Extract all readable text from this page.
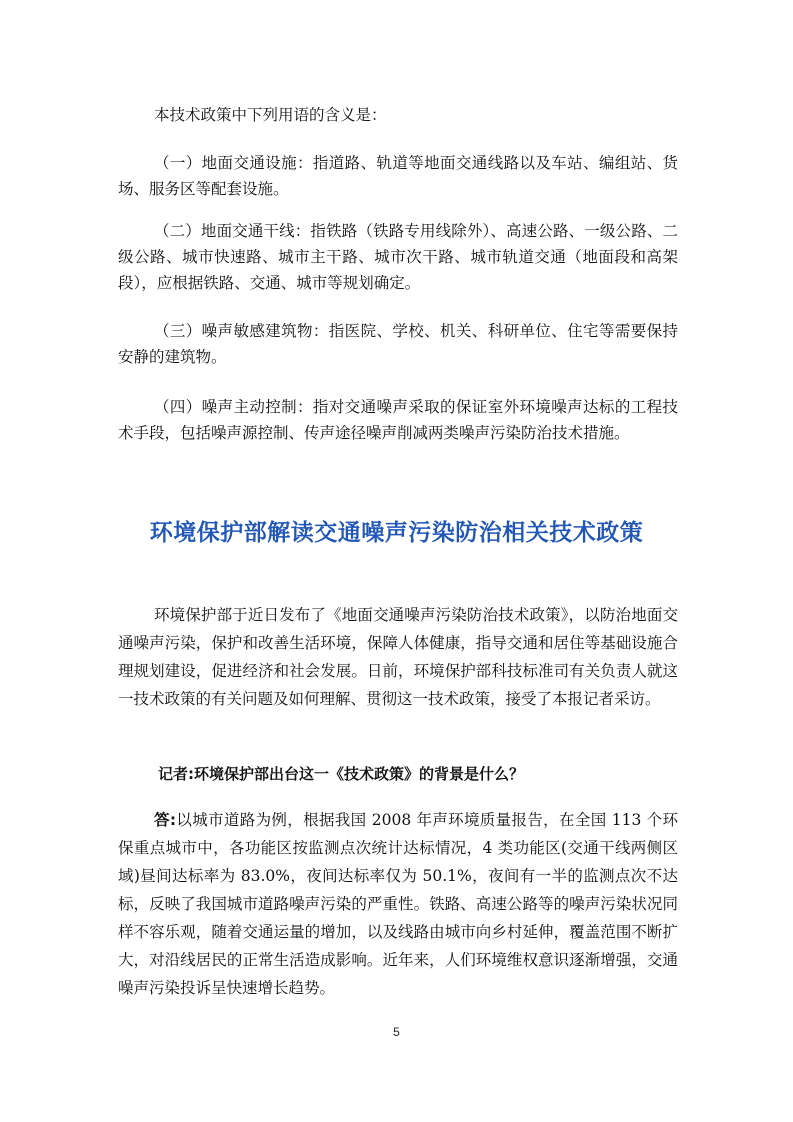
本技术政策中下列用语的含义是：

（一）地面交通设施：指道路、轨道等地面交通线路以及车站、编组站、货场、服务区等配套设施。

（二）地面交通干线：指铁路（铁路专用线除外）、高速公路、一级公路、二级公路、城市快速路、城市主干路、城市次干路、城市轨道交通（地面段和高架段），应根据铁路、交通、城市等规划确定。

（三）噪声敏感建筑物：指医院、学校、机关、科研单位、住宅等需要保持安静的建筑物。

（四）噪声主动控制：指对交通噪声采取的保证室外环境噪声达标的工程技术手段，包括噪声源控制、传声途径噪声削减两类噪声污染防治技术措施。

环境保护部解读交通噪声污染防治相关技术政策

环境保护部于近日发布了《地面交通噪声污染防治技术政策》，以防治地面交通噪声污染，保护和改善生活环境，保障人体健康，指导交通和居住等基础设施合理规划建设，促进经济和社会发展。日前，环境保护部科技标准司有关负责人就这一技术政策的有关问题及如何理解、贯彻这一技术政策，接受了本报记者采访。

记者:环境保护部出台这一《技术政策》的背景是什么？

答:以城市道路为例，根据我国 2008 年声环境质量报告，在全国 113 个环保重点城市中，各功能区按监测点次统计达标情况，4 类功能区(交通干线两侧区域)昼间达标率为 83.0%，夜间达标率仅为 50.1%，夜间有一半的监测点次不达标，反映了我国城市道路噪声污染的严重性。铁路、高速公路等的噪声污染状况同样不容乐观，随着交通运量的增加，以及线路由城市向乡村延伸，覆盖范围不断扩大，对沿线居民的正常生活造成影响。近年来，人们环境维权意识逐渐增强，交通噪声污染投诉呈快速增长趋势。

5
